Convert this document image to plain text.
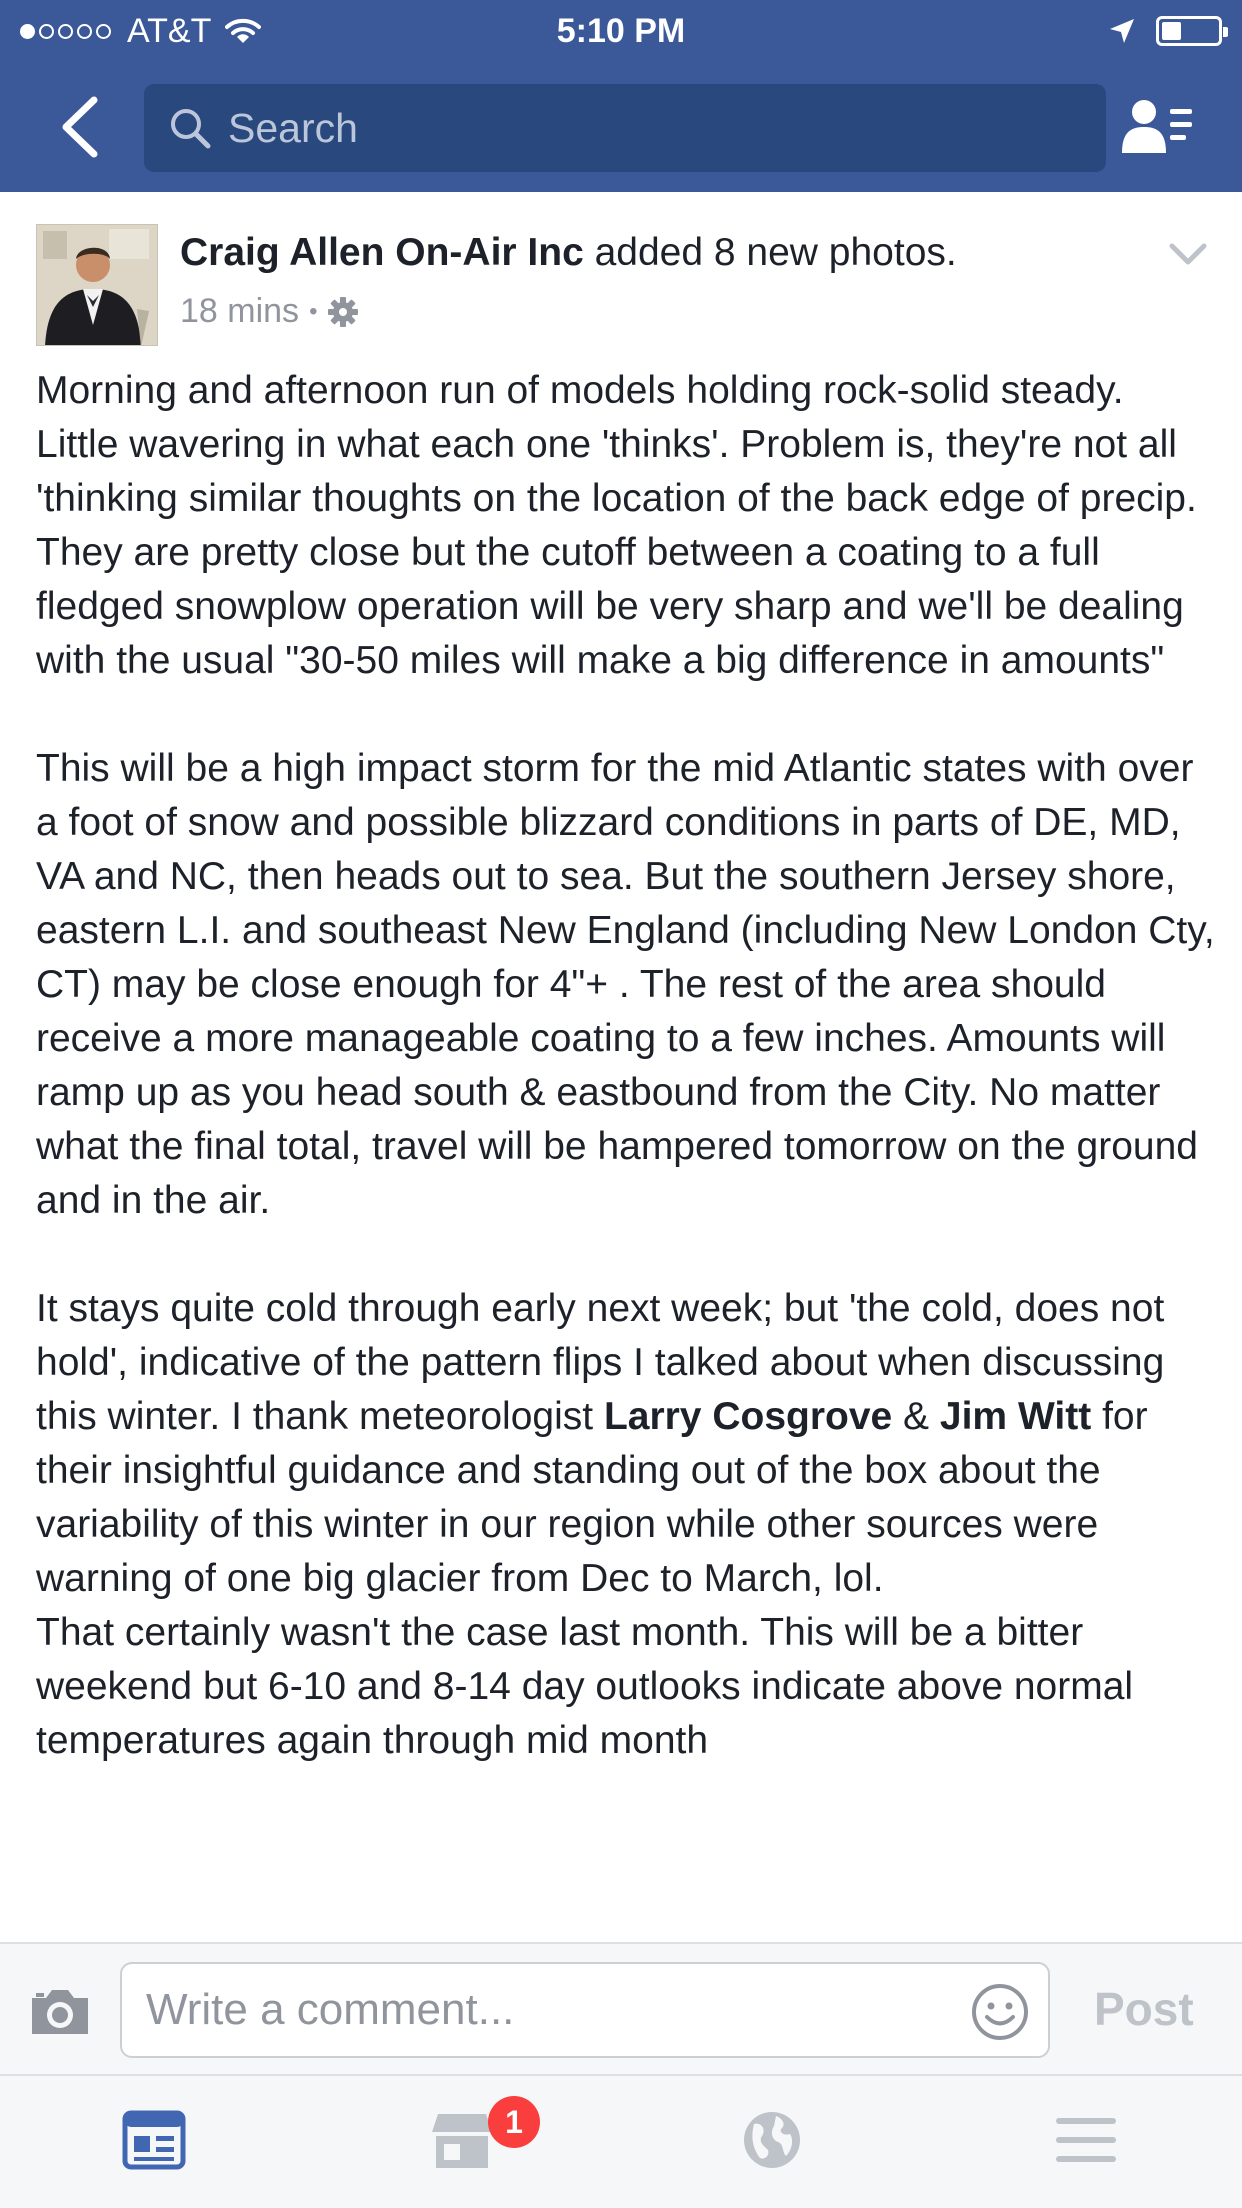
AT&T	5:10 PM
Search
Craig Allen On-Air Inc added 8 new photos.
18 mins •

Morning and afternoon run of models holding rock-solid steady. Little wavering in what each one 'thinks'. Problem is, they're not all 'thinking similar thoughts on the location of the back edge of precip. They are pretty close but the cutoff between a coating to a full fledged snowplow operation will be very sharp and we'll be dealing with the usual "30-50 miles will make a big difference in amounts"

This will be a high impact storm for the mid Atlantic states with over a foot of snow and possible blizzard conditions in parts of DE, MD, VA and NC, then heads out to sea. But the southern Jersey shore, eastern L.I. and southeast New England (including New London Cty, CT) may be close enough for 4"+ . The rest of the area should receive a more manageable coating to a few inches. Amounts will ramp up as you head south & eastbound from the City. No matter what the final total, travel will be hampered tomorrow on the ground and in the air.

It stays quite cold through early next week; but 'the cold, does not hold', indicative of the pattern flips I talked about when discussing this winter. I thank meteorologist Larry Cosgrove & Jim Witt for their insightful guidance and standing out of the box about the variability of this winter in our region while other sources were warning of one big glacier from Dec to March, lol.

That certainly wasn't the case last month. This will be a bitter weekend but 6-10 and 8-14 day outlooks indicate above normal temperatures again through mid month

Write a comment...	Post
1
